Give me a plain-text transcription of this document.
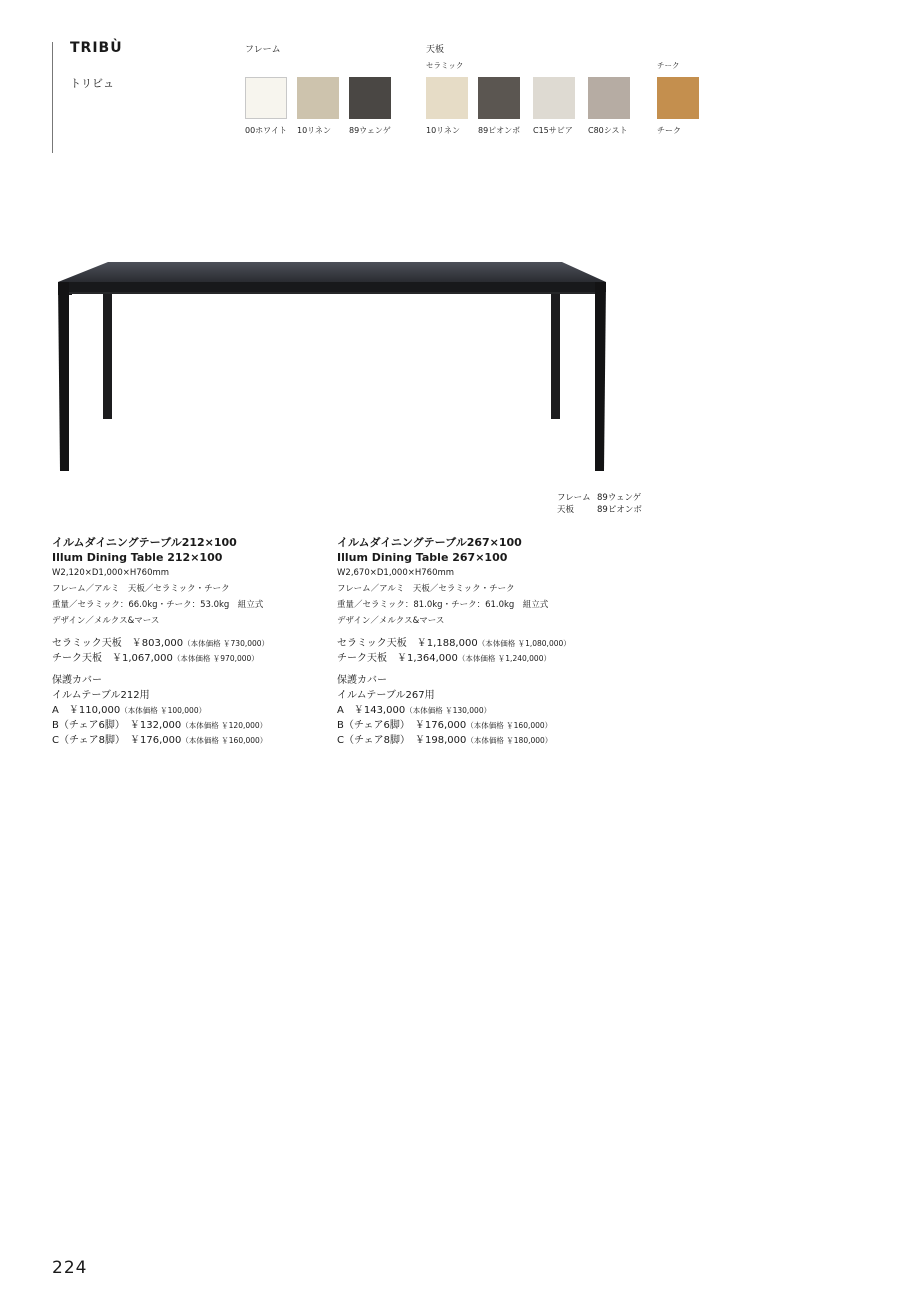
TRIBÙ
トリビュ
フレーム
00ホワイト 10リネン 89ウェンゲ
天板
セラミック	チーク
10リネン 89ピオンボ C15サビア C80シスト	チーク
フレーム 89ウェンゲ
天板	89ピオンボ
イルムダイニングテーブル212×100
Illum Dining Table 212×100
W2,120×D1,000×H760mm
フレーム／アルミ　天板／セラミック・チーク
重量／セラミック：66.0kg・チーク：53.0kg　組立式
デザイン／メルクス&マース
セラミック天板　￥803,000（本体価格 ￥730,000）
チーク天板　￥1,067,000（本体価格 ￥970,000）
保護カバー
イルムテーブル212用
A　￥110,000（本体価格 ￥100,000）
B（チェア6脚）　￥132,000（本体価格 ￥120,000）
C（チェア8脚）　￥176,000（本体価格 ￥160,000）
イルムダイニングテーブル267×100
Illum Dining Table 267×100
W2,670×D1,000×H760mm
フレーム／アルミ　天板／セラミック・チーク
重量／セラミック：81.0kg・チーク：61.0kg　組立式
デザイン／メルクス&マース
セラミック天板　￥1,188,000（本体価格 ￥1,080,000）
チーク天板　￥1,364,000（本体価格 ￥1,240,000）
保護カバー
イルムテーブル267用
A　￥143,000（本体価格 ￥130,000）
B（チェア6脚）　￥176,000（本体価格 ￥160,000）
C（チェア8脚）　￥198,000（本体価格 ￥180,000）
224
